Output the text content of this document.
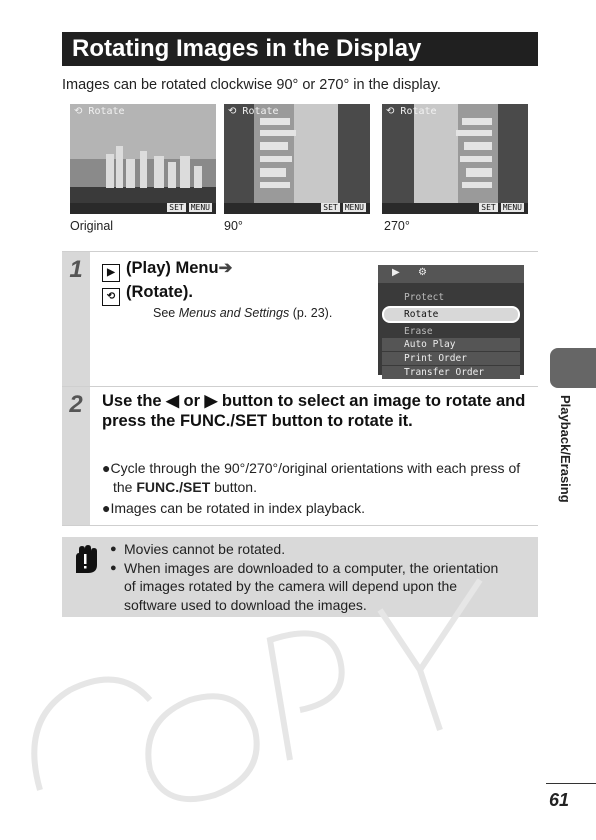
Rotating Images in the Display
Images can be rotated clockwise 90° or 270° in the display.
⟲ Rotate
SET MENU
⟲ Rotate
SET MENU
⟲ Rotate
SET MENU
Original	90°	270°
1	▶ (Play) Menu➔
⟲ (Rotate).
See Menus and Settings (p. 23).
▶ ⚙
Protect
Rotate
Erase
Auto Play
Print Order
Transfer Order
2	Use the ◀ or ▶ button to select an image to rotate and press the FUNC./SET button to rotate it.
●Cycle through the 90°/270°/original orientations with each press of the FUNC./SET button.
●Images can be rotated in index playback.
● Movies cannot be rotated.
● When images are downloaded to a computer, the orientation of images rotated by the camera will depend upon the software used to download the images.
Playback/Erasing
61
